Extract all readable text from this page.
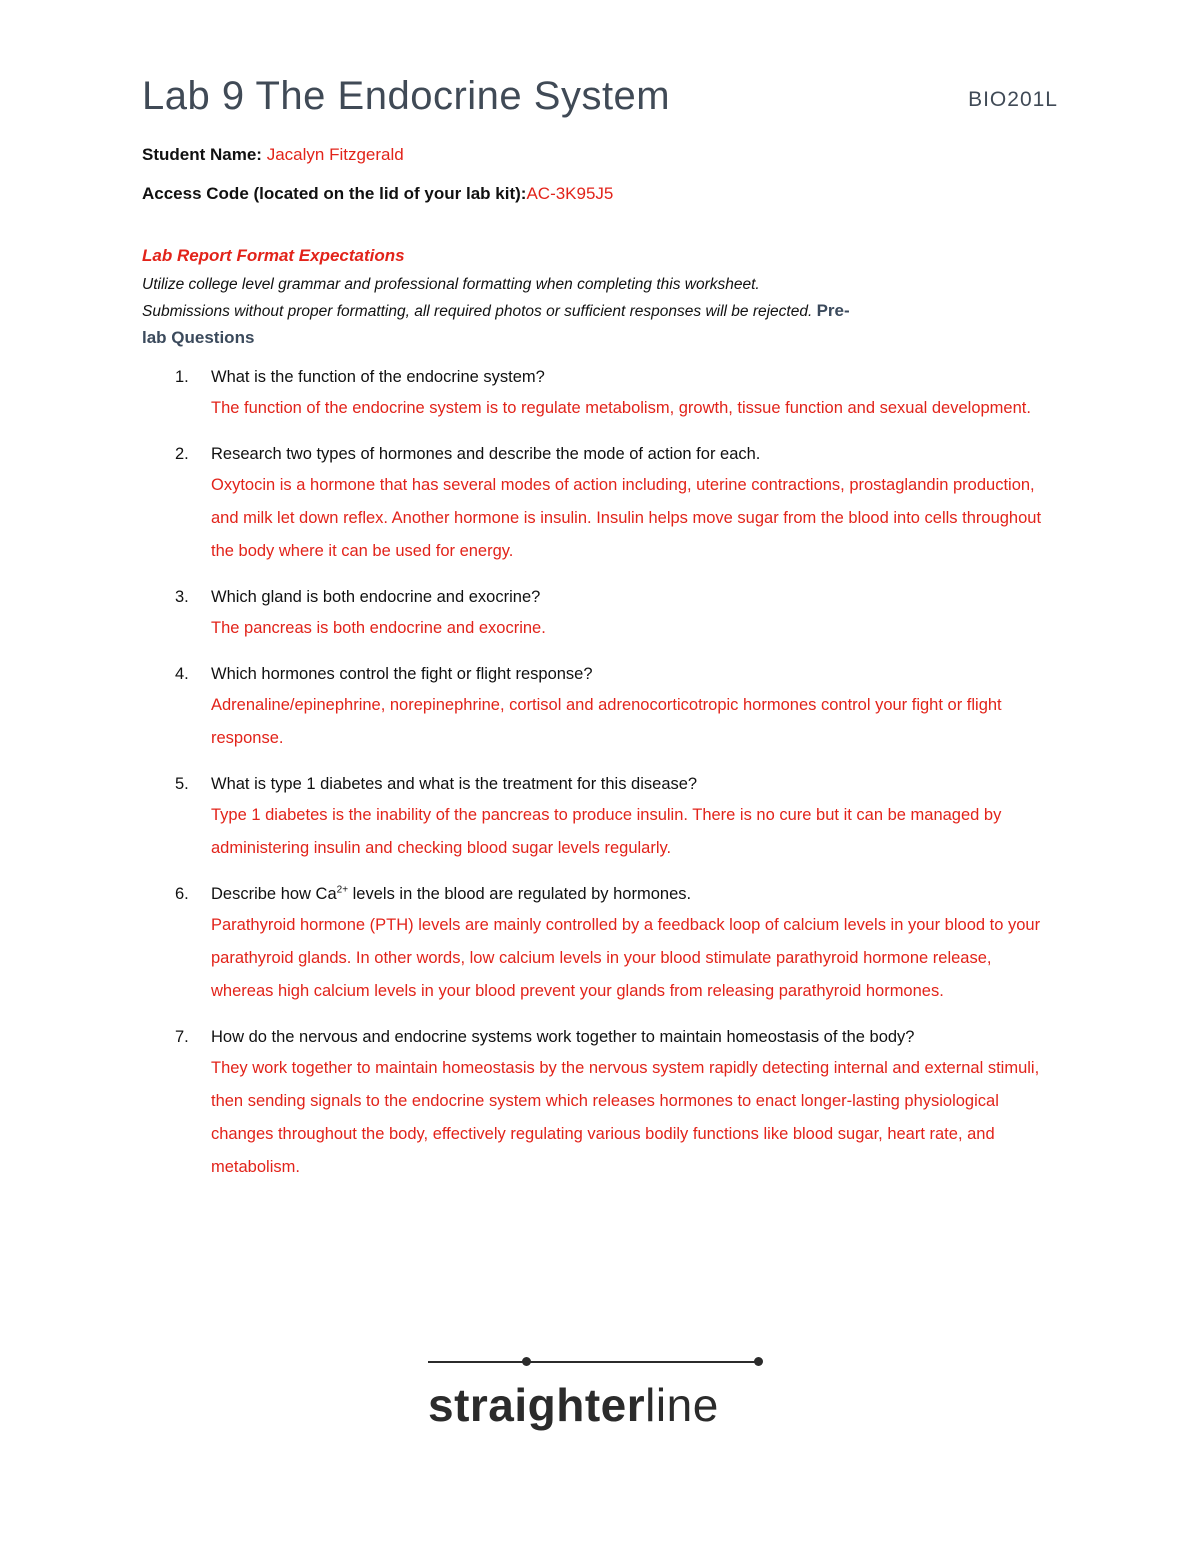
Lab 9 The Endocrine System	BIO201L
Student Name: Jacalyn Fitzgerald
Access Code (located on the lid of your lab kit):AC-3K95J5
Lab Report Format Expectations
Utilize college level grammar and professional formatting when completing this worksheet.
Submissions without proper formatting, all required photos or sufficient responses will be rejected. Pre-
lab Questions
1. What is the function of the endocrine system?
The function of the endocrine system is to regulate metabolism, growth, tissue function and sexual development.
2. Research two types of hormones and describe the mode of action for each.
Oxytocin is a hormone that has several modes of action including, uterine contractions, prostaglandin production, and milk let down reflex. Another hormone is insulin. Insulin helps move sugar from the blood into cells throughout the body where it can be used for energy.
3. Which gland is both endocrine and exocrine?
The pancreas is both endocrine and exocrine.
4. Which hormones control the fight or flight response?
Adrenaline/epinephrine, norepinephrine, cortisol and adrenocorticotropic hormones control your fight or flight response.
5. What is type 1 diabetes and what is the treatment for this disease?
Type 1 diabetes is the inability of the pancreas to produce insulin. There is no cure but it can be managed by administering insulin and checking blood sugar levels regularly.
6. Describe how $Ca^{2+}$ levels in the blood are regulated by hormones.
Parathyroid hormone (PTH) levels are mainly controlled by a feedback loop of calcium levels in your blood to your parathyroid glands. In other words, low calcium levels in your blood stimulate parathyroid hormone release, whereas high calcium levels in your blood prevent your glands from releasing parathyroid hormones.
7. How do the nervous and endocrine systems work together to maintain homeostasis of the body?
They work together to maintain homeostasis by the nervous system rapidly detecting internal and external stimuli, then sending signals to the endocrine system which releases hormones to enact longer-lasting physiological changes throughout the body, effectively regulating various bodily functions like blood sugar, heart rate, and metabolism.
straighterline
